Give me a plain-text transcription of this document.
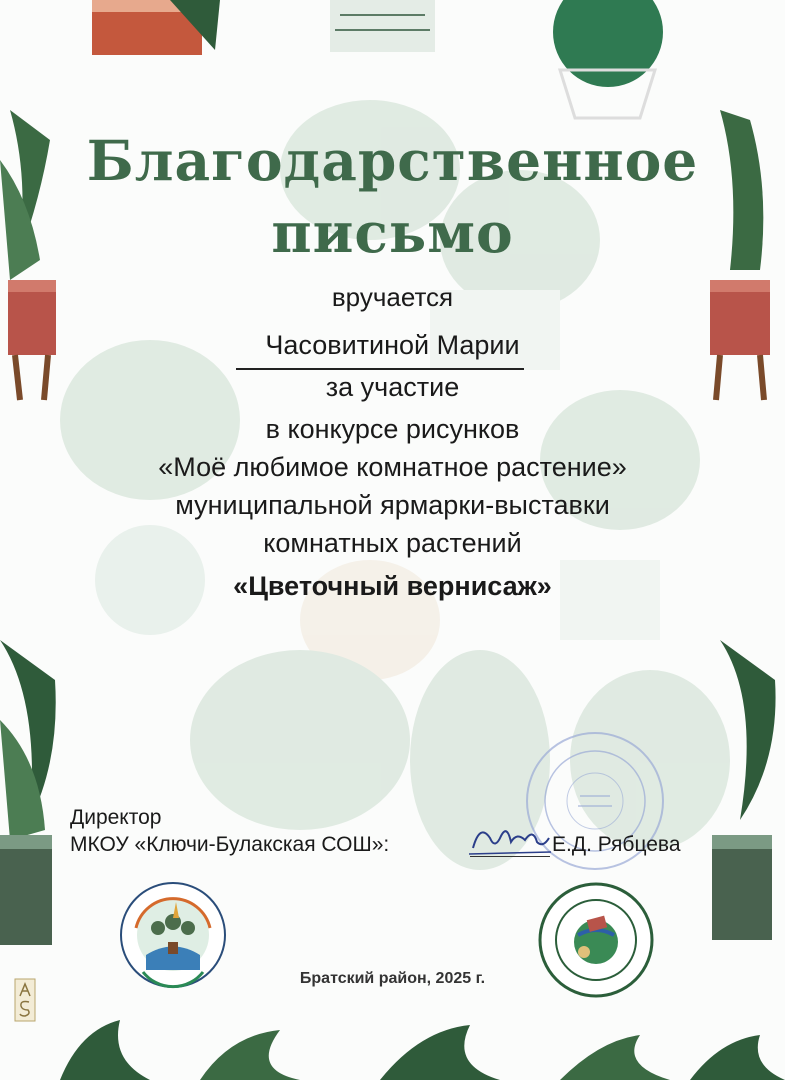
Благодарственное
письмо
вручается
Часовитиной Марии
за участие
в конкурсе рисунков
«Моё любимое комнатное растение»
муниципальной ярмарки-выставки
комнатных растений
«Цветочный вернисаж»
Директор
МКОУ «Ключи-Булакская СОШ»:	Е.Д. Рябцева
Братский район, 2025 г.
